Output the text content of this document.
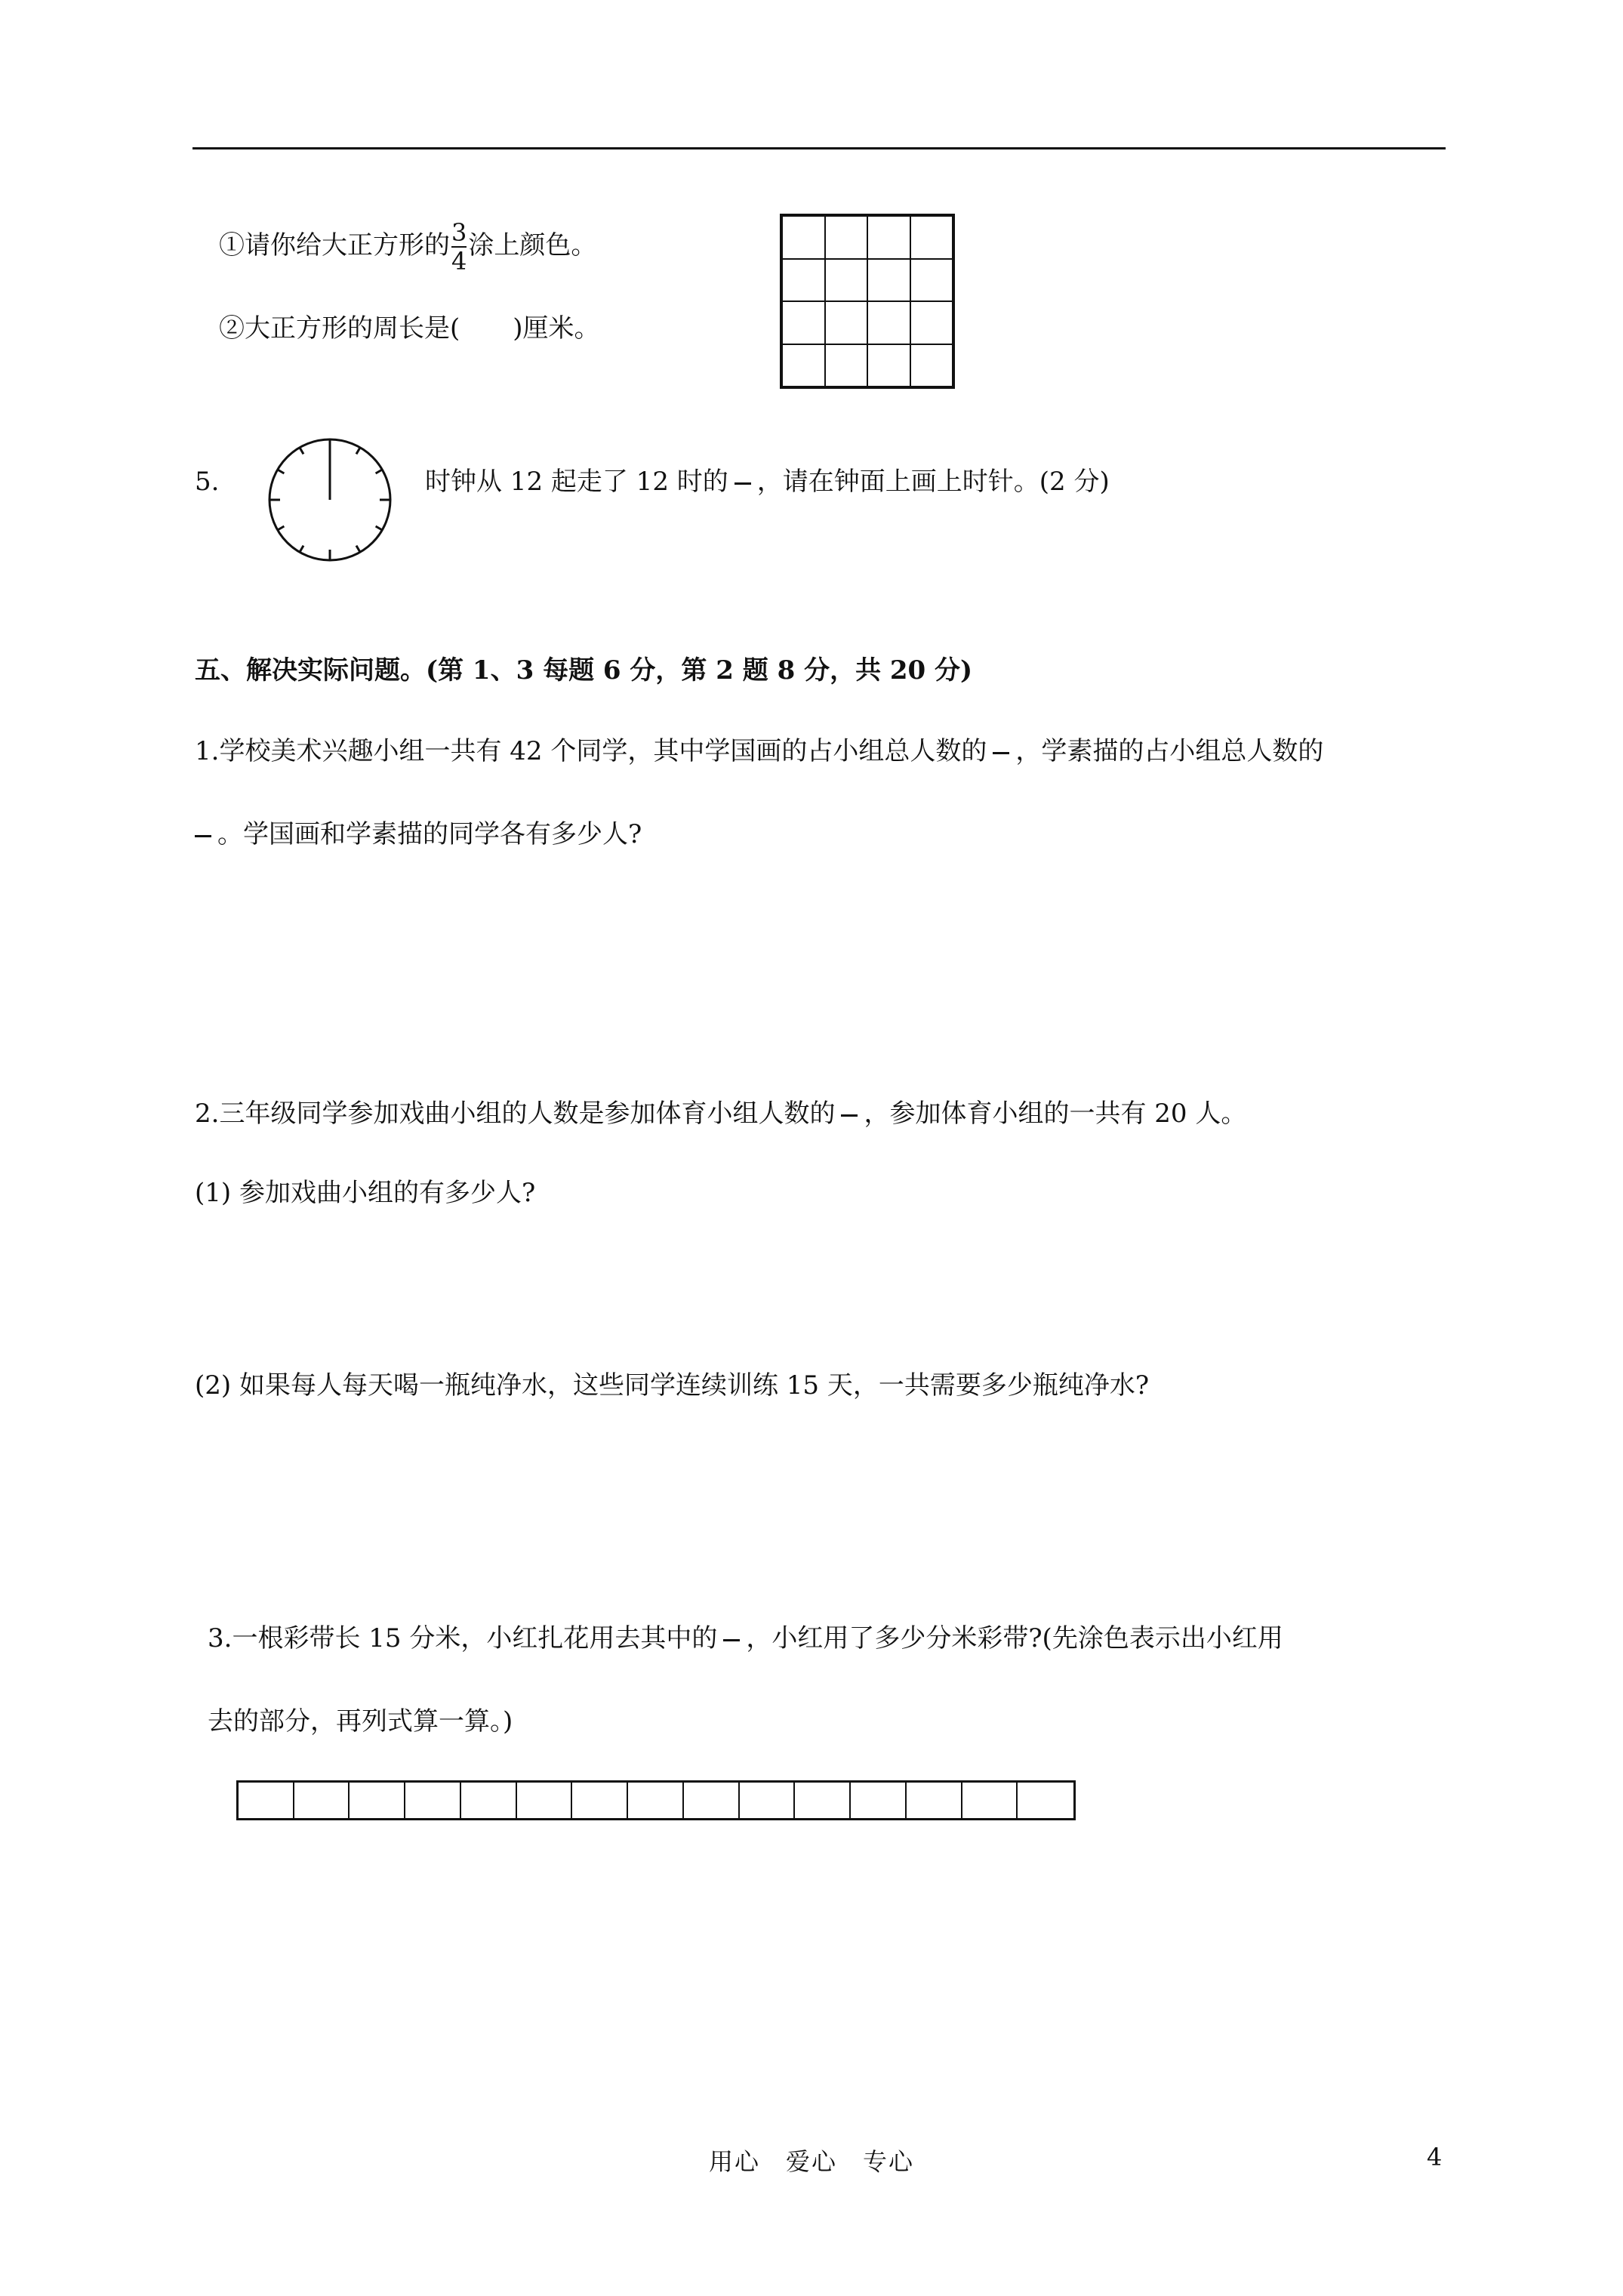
①请你给大正方形的 $\frac{3}{4}$ 涂上颜色。
②大正方形的周长是( )厘米。
5.	时钟从 12 起走了 12 时的 ，请在钟面上画上时针。(2 分)
五、解决实际问题。(第 1、3 每题 6 分，第 2 题 8 分，共 20 分)
1.学校美术兴趣小组一共有 42 个同学，其中学国画的占小组总人数的 ，学素描的占小组总人数的
。学国画和学素描的同学各有多少人?
2.三年级同学参加戏曲小组的人数是参加体育小组人数的 ，参加体育小组的一共有 20 人。
(1) 参加戏曲小组的有多少人?
(2) 如果每人每天喝一瓶纯净水，这些同学连续训练 15 天，一共需要多少瓶纯净水?
3.一根彩带长 15 分米，小红扎花用去其中的 ，小红用了多少分米彩带?(先涂色表示出小红用
去的部分，再列式算一算。)
用心　爱心　专心	4
